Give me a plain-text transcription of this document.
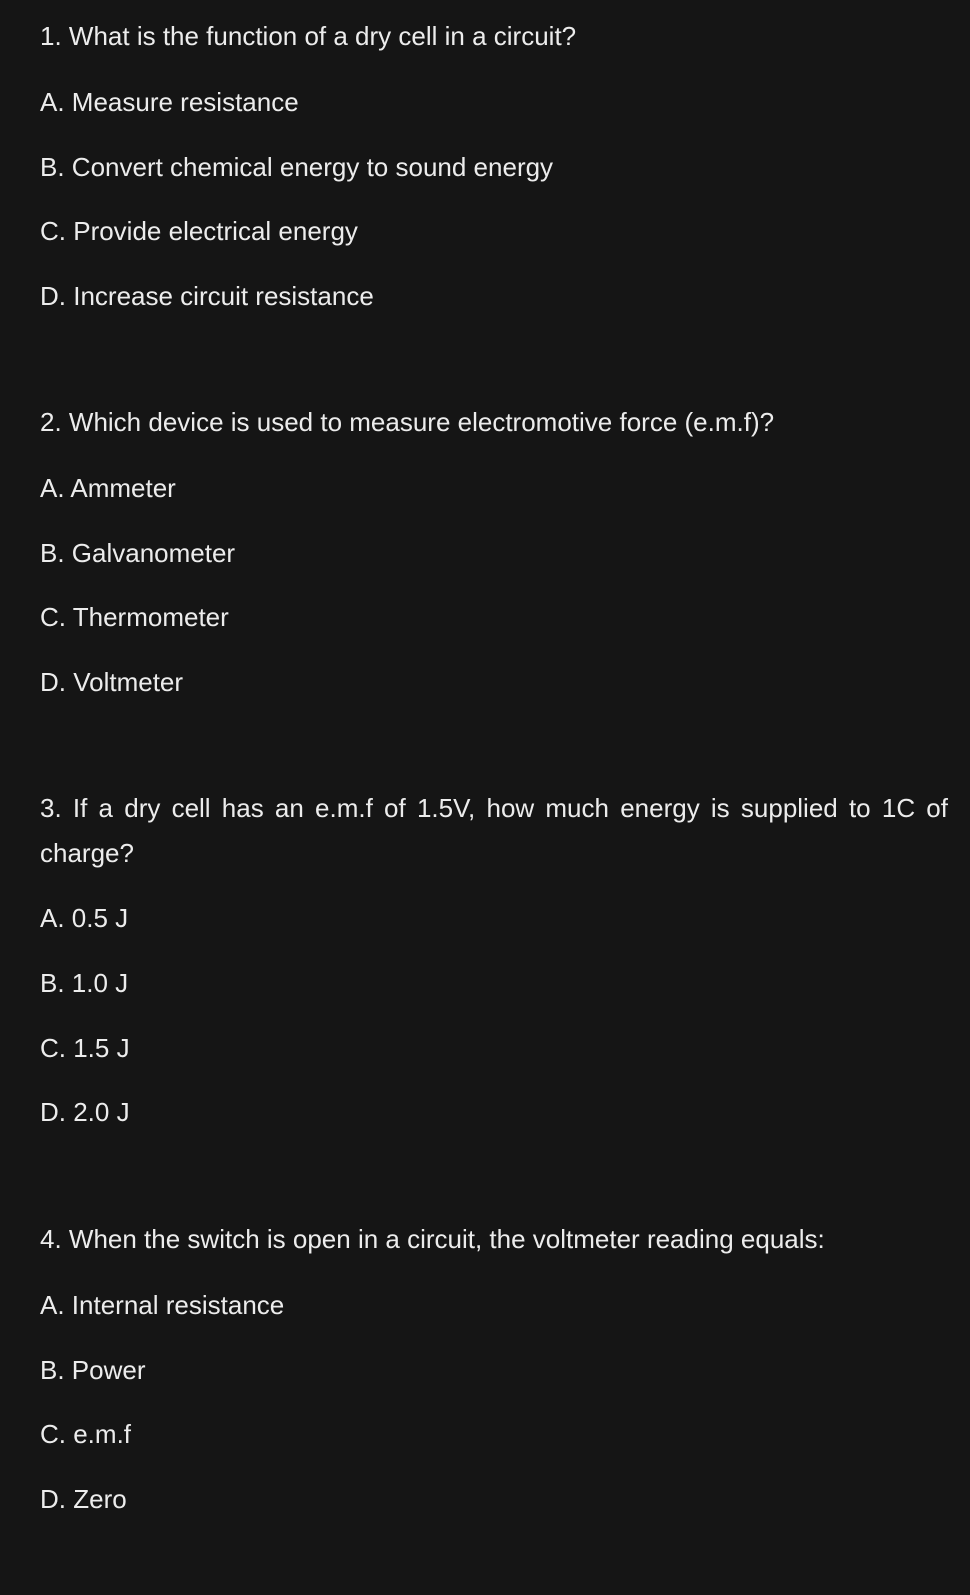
1. What is the function of a dry cell in a circuit?

A. Measure resistance

B. Convert chemical energy to sound energy

C. Provide electrical energy

D. Increase circuit resistance

2. Which device is used to measure electromotive force (e.m.f)?

A. Ammeter

B. Galvanometer

C. Thermometer

D. Voltmeter

3. If a dry cell has an e.m.f of 1.5V, how much energy is supplied to 1C of charge?

A. 0.5 J

B. 1.0 J

C. 1.5 J

D. 2.0 J

4. When the switch is open in a circuit, the voltmeter reading equals:

A. Internal resistance

B. Power

C. e.m.f

D. Zero
